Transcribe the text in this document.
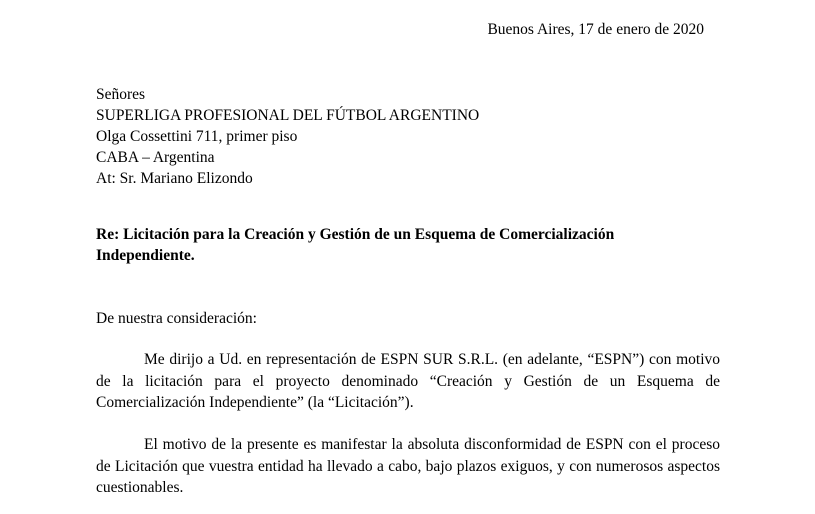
Buenos Aires, 17 de enero de 2020
Señores
SUPERLIGA PROFESIONAL DEL FÚTBOL ARGENTINO
Olga Cossettini 711, primer piso
CABA – Argentina
At: Sr. Mariano Elizondo
Re: Licitación para la Creación y Gestión de un Esquema de Comercialización Independiente.
De nuestra consideración:
Me dirijo a Ud. en representación de ESPN SUR S.R.L. (en adelante, “ESPN”) con motivo de la licitación para el proyecto denominado “Creación y Gestión de un Esquema de Comercialización Independiente” (la “Licitación”).
El motivo de la presente es manifestar la absoluta disconformidad de ESPN con el proceso de Licitación que vuestra entidad ha llevado a cabo, bajo plazos exiguos, y con numerosos aspectos cuestionables.
